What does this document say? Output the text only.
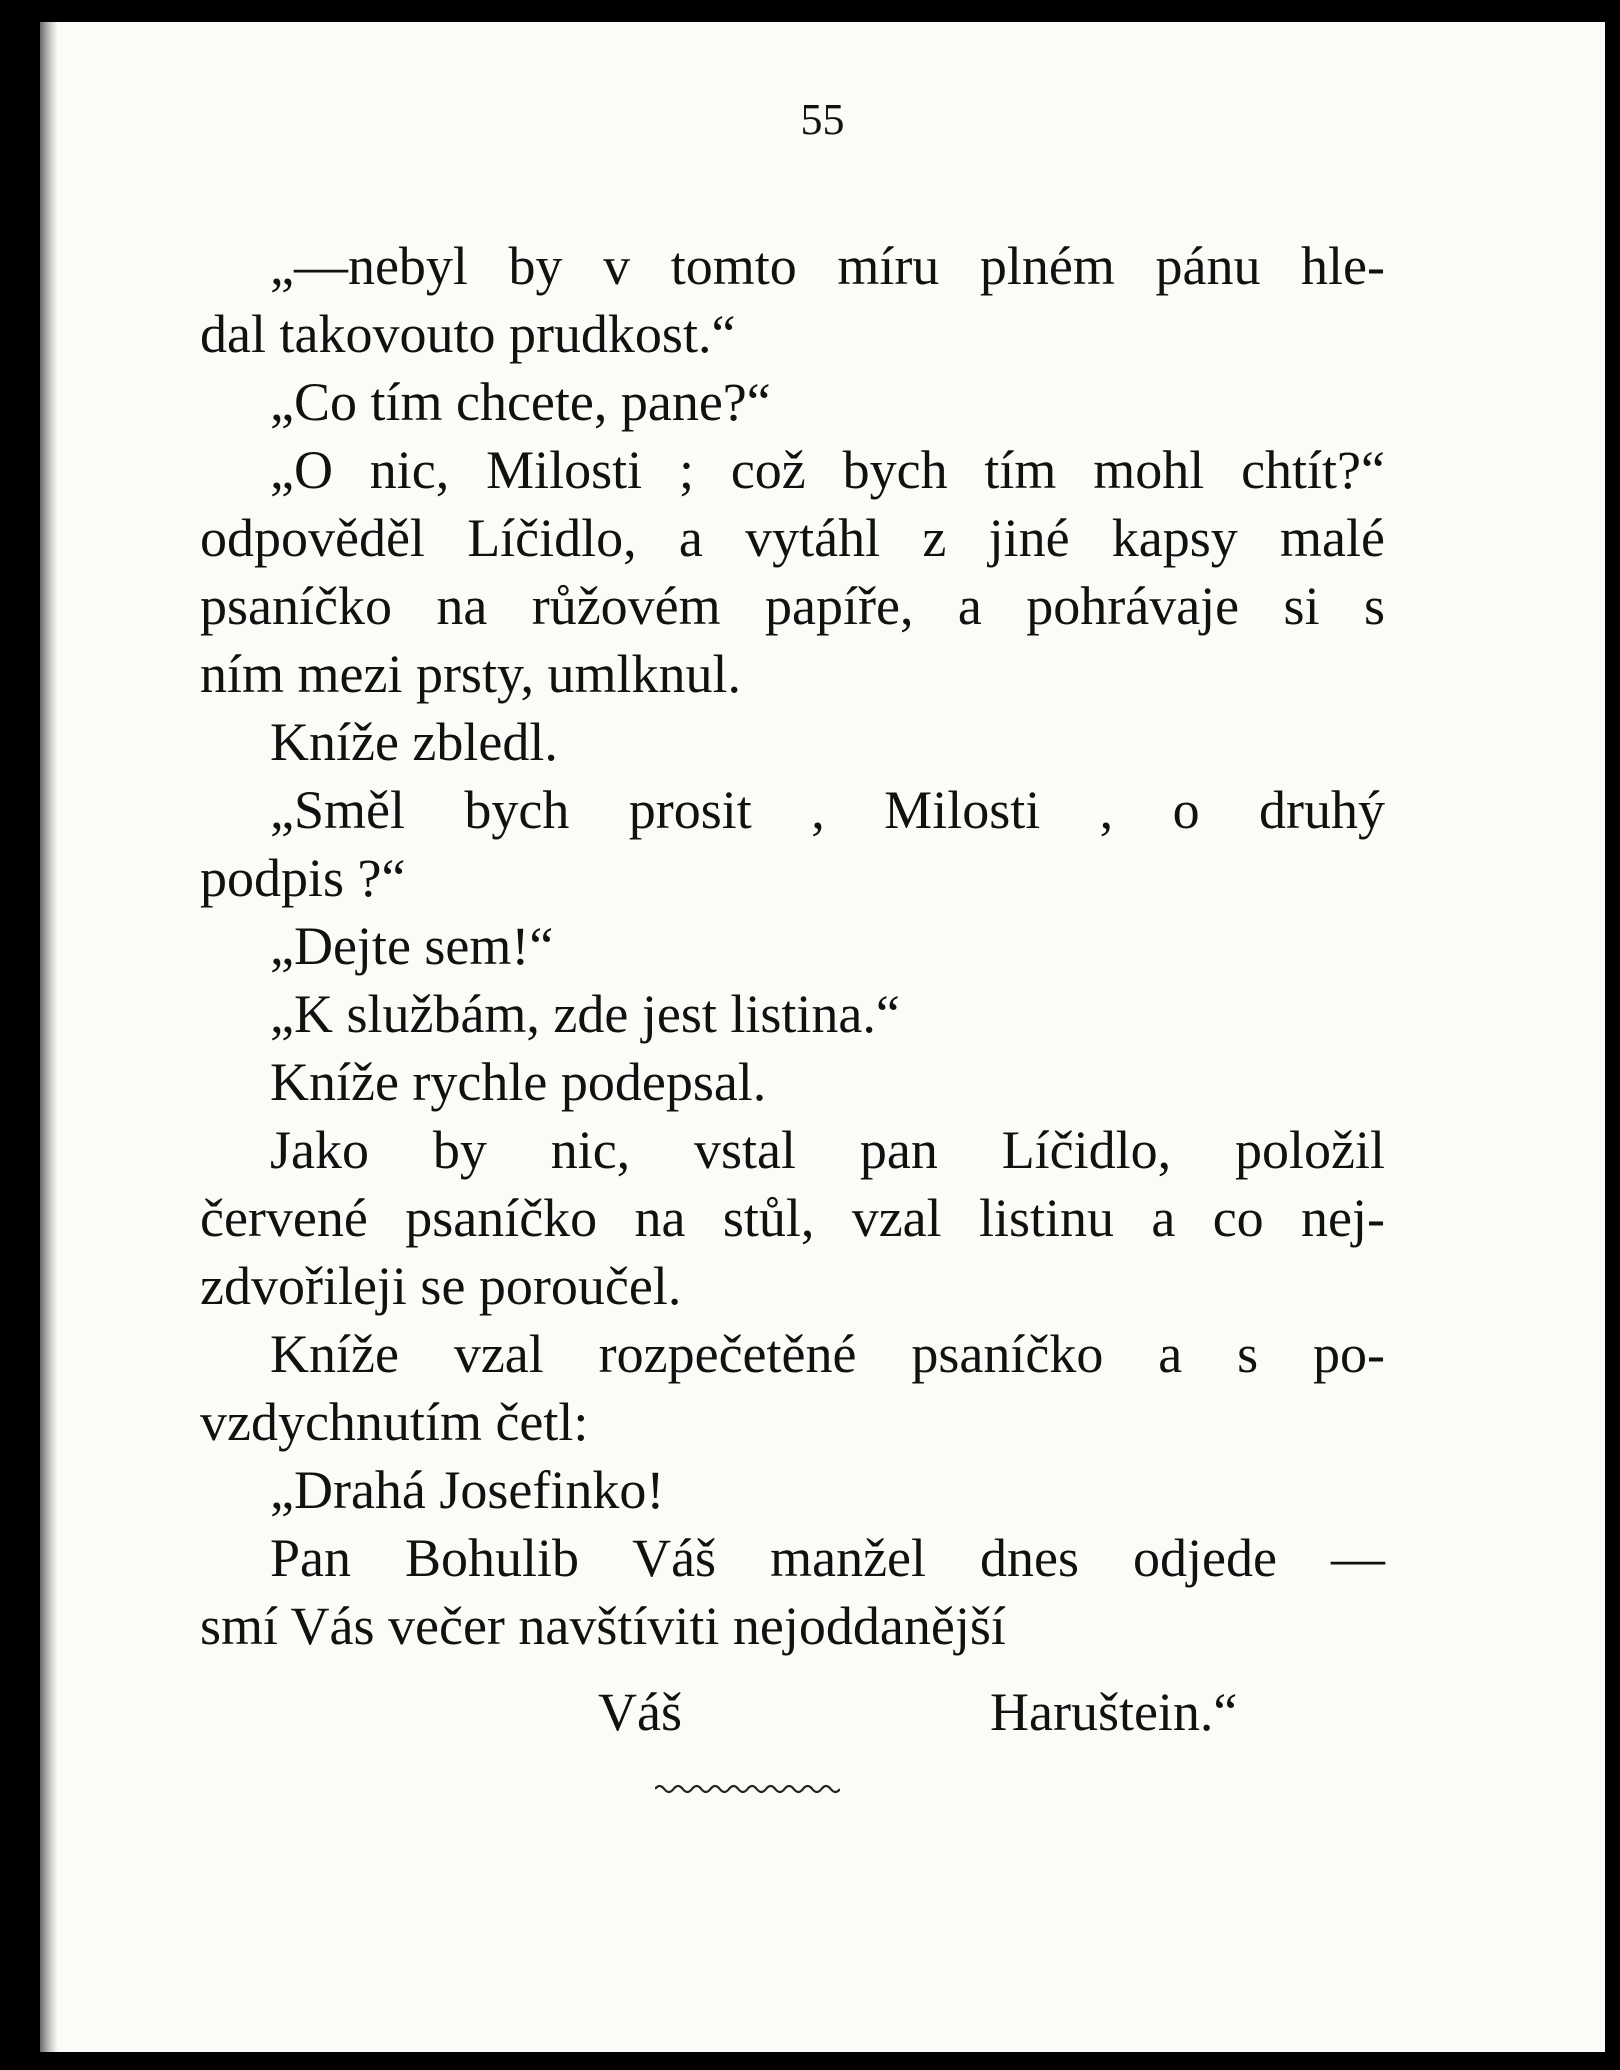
55
„—nebyl by v tomto míru plném pánu hle-
dal takovouto prudkost.“
„Co tím chcete, pane?“
„O nic, Milosti ; což bych tím mohl chtít?“
odpověděl Líčidlo, a vytáhl z jiné kapsy malé
psaníčko na růžovém papíře, a pohrávaje si s
ním mezi prsty, umlknul.
Kníže zbledl.
„Směl bych prosit , Milosti , o druhý
podpis ?“
„Dejte sem!“
„K službám, zde jest listina.“
Kníže rychle podepsal.
Jako by nic, vstal pan Líčidlo, položil
červené psaníčko na stůl, vzal listinu a co nej-
zdvořileji se poroučel.
Kníže vzal rozpečetěné psaníčko a s po-
vzdychnutím četl:
„Drahá Josefinko!
Pan Bohulib Váš manžel dnes odjede —
smí Vás večer navštíviti nejoddanější
Váš	Haruštein.“
